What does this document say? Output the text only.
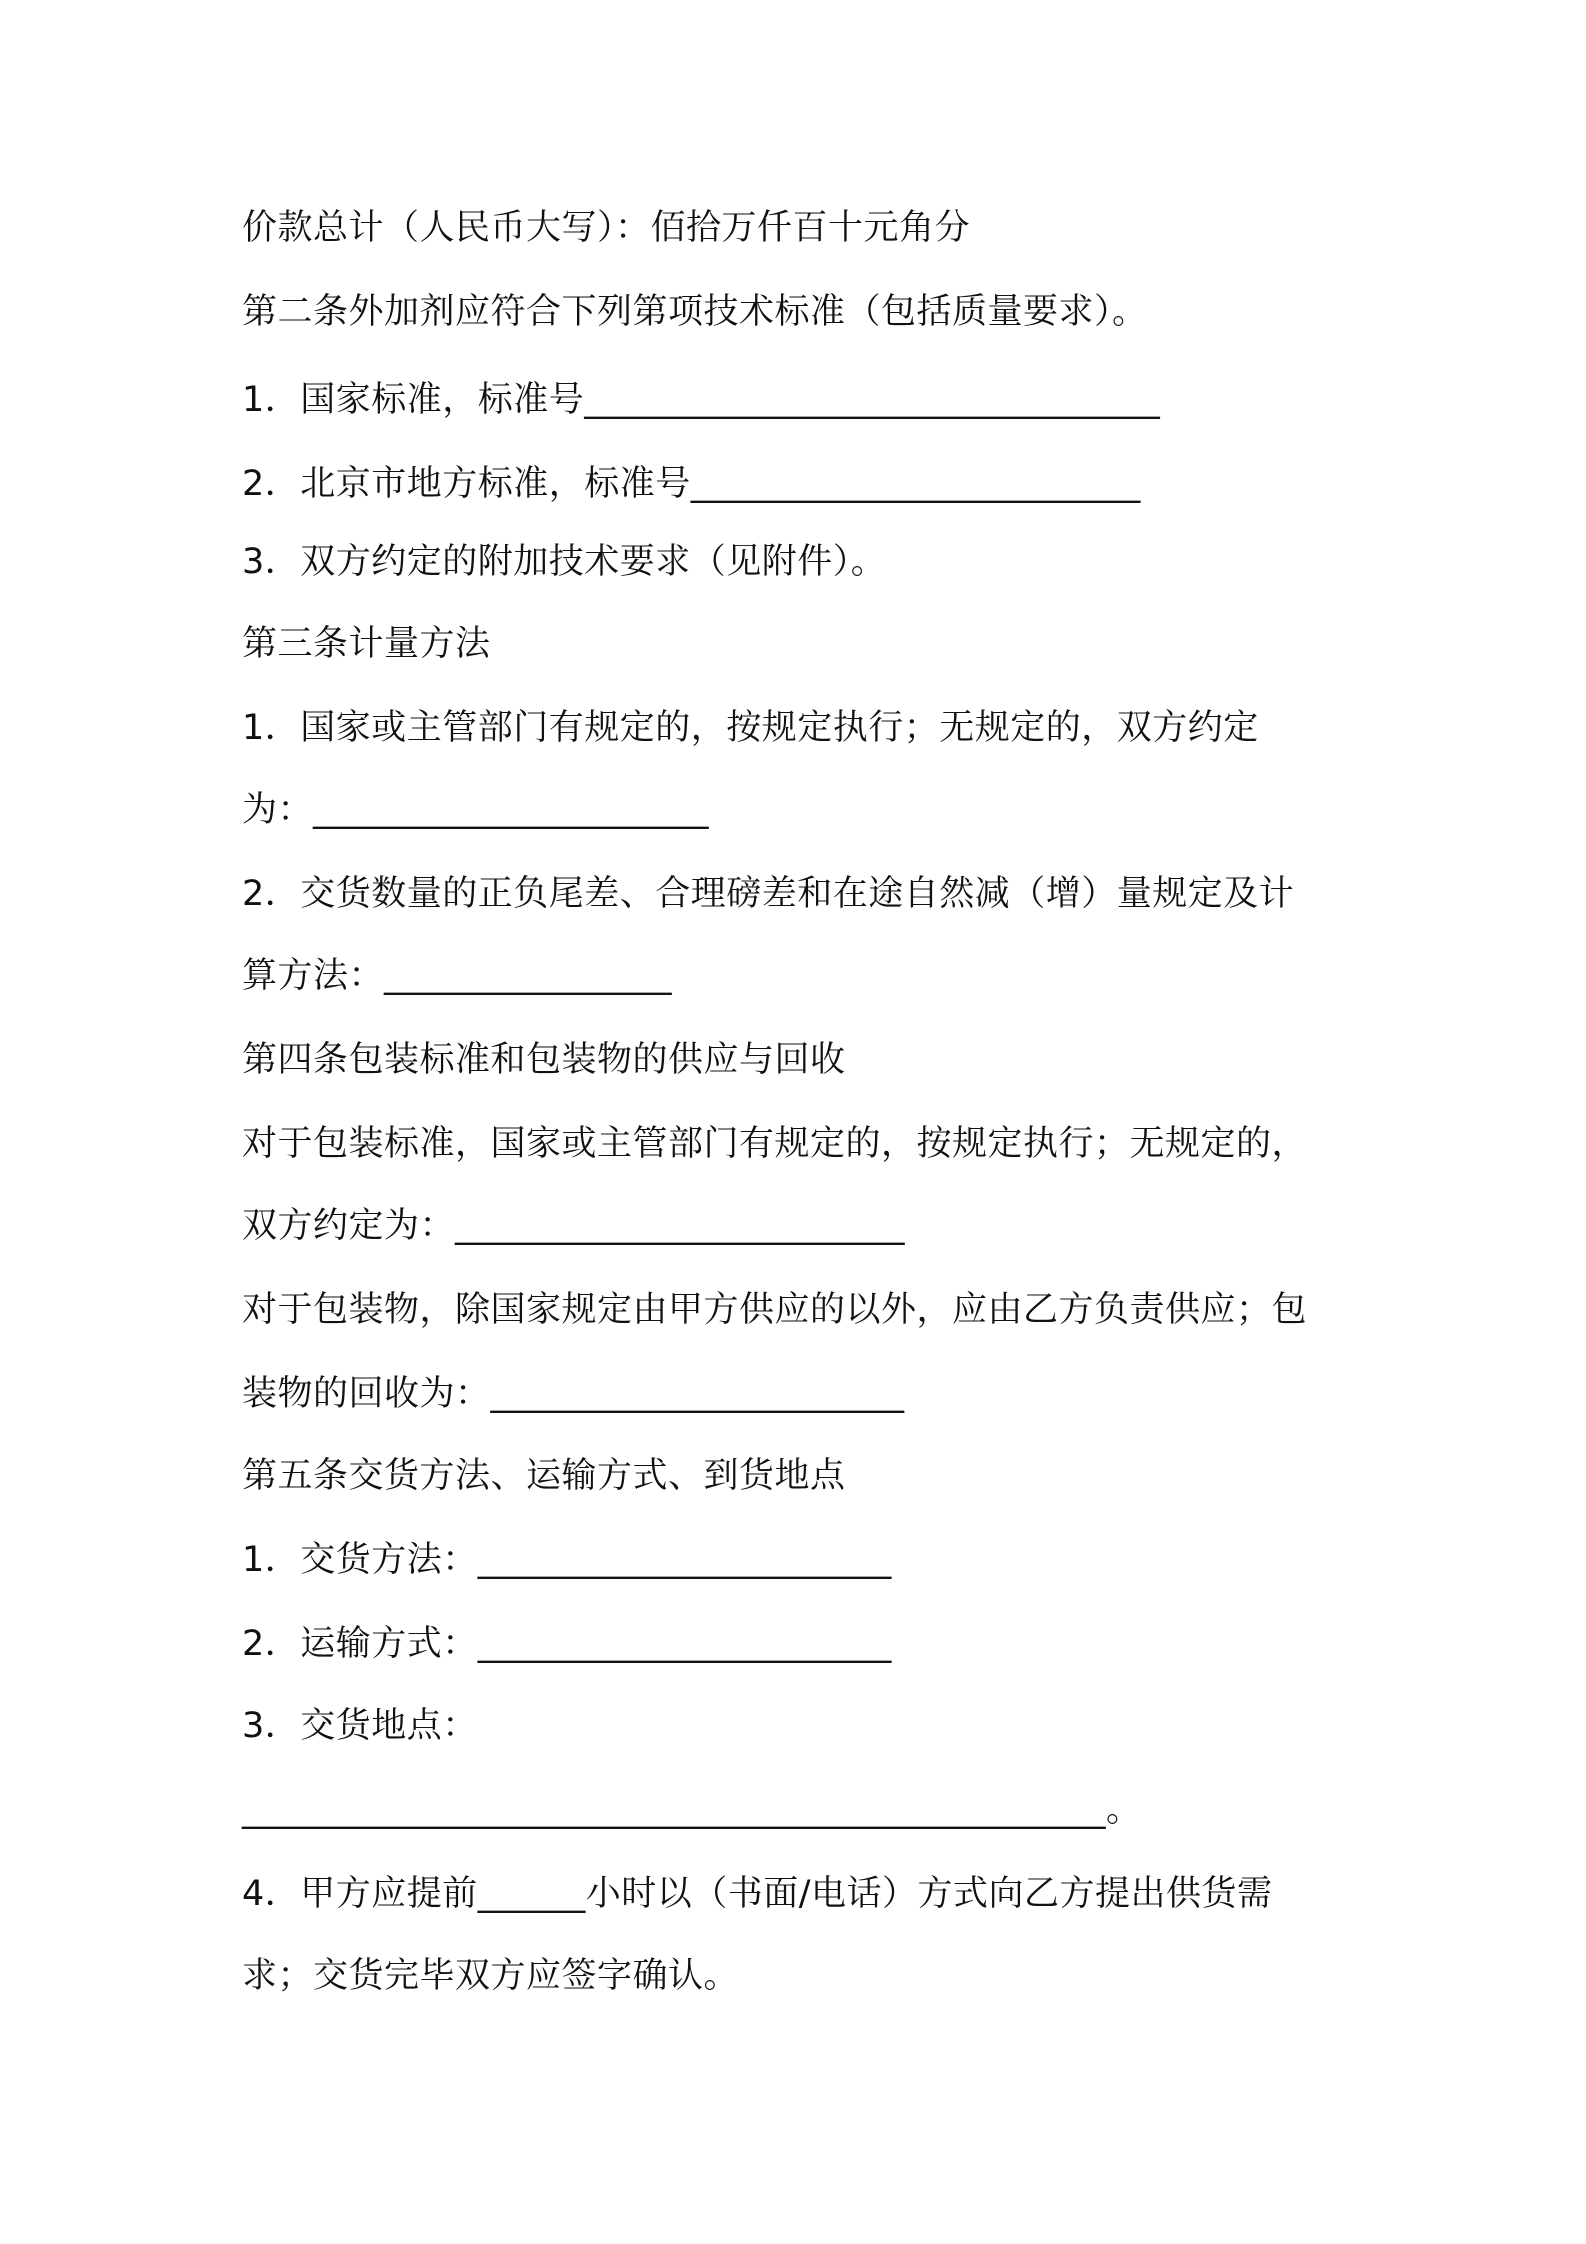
价款总计（人民币大写）：佰拾万仟百十元角分
第二条外加剂应符合下列第项技术标准（包括质量要求）。
1．国家标准，标准号________________________________
2．北京市地方标准，标准号_________________________
3．双方约定的附加技术要求（见附件）。
第三条计量方法
1．国家或主管部门有规定的，按规定执行；无规定的，双方约定
为：______________________
2．交货数量的正负尾差、合理磅差和在途自然减（增）量规定及计
算方法：________________
第四条包装标准和包装物的供应与回收
对于包装标准，国家或主管部门有规定的，按规定执行；无规定的，
双方约定为：_________________________
对于包装物，除国家规定由甲方供应的以外，应由乙方负责供应；包
装物的回收为：_______________________
第五条交货方法、运输方式、到货地点
1．交货方法：_______________________
2．运输方式：_______________________
3．交货地点：
________________________________________________。
4．甲方应提前______小时以（书面/电话）方式向乙方提出供货需
求；交货完毕双方应签字确认。
